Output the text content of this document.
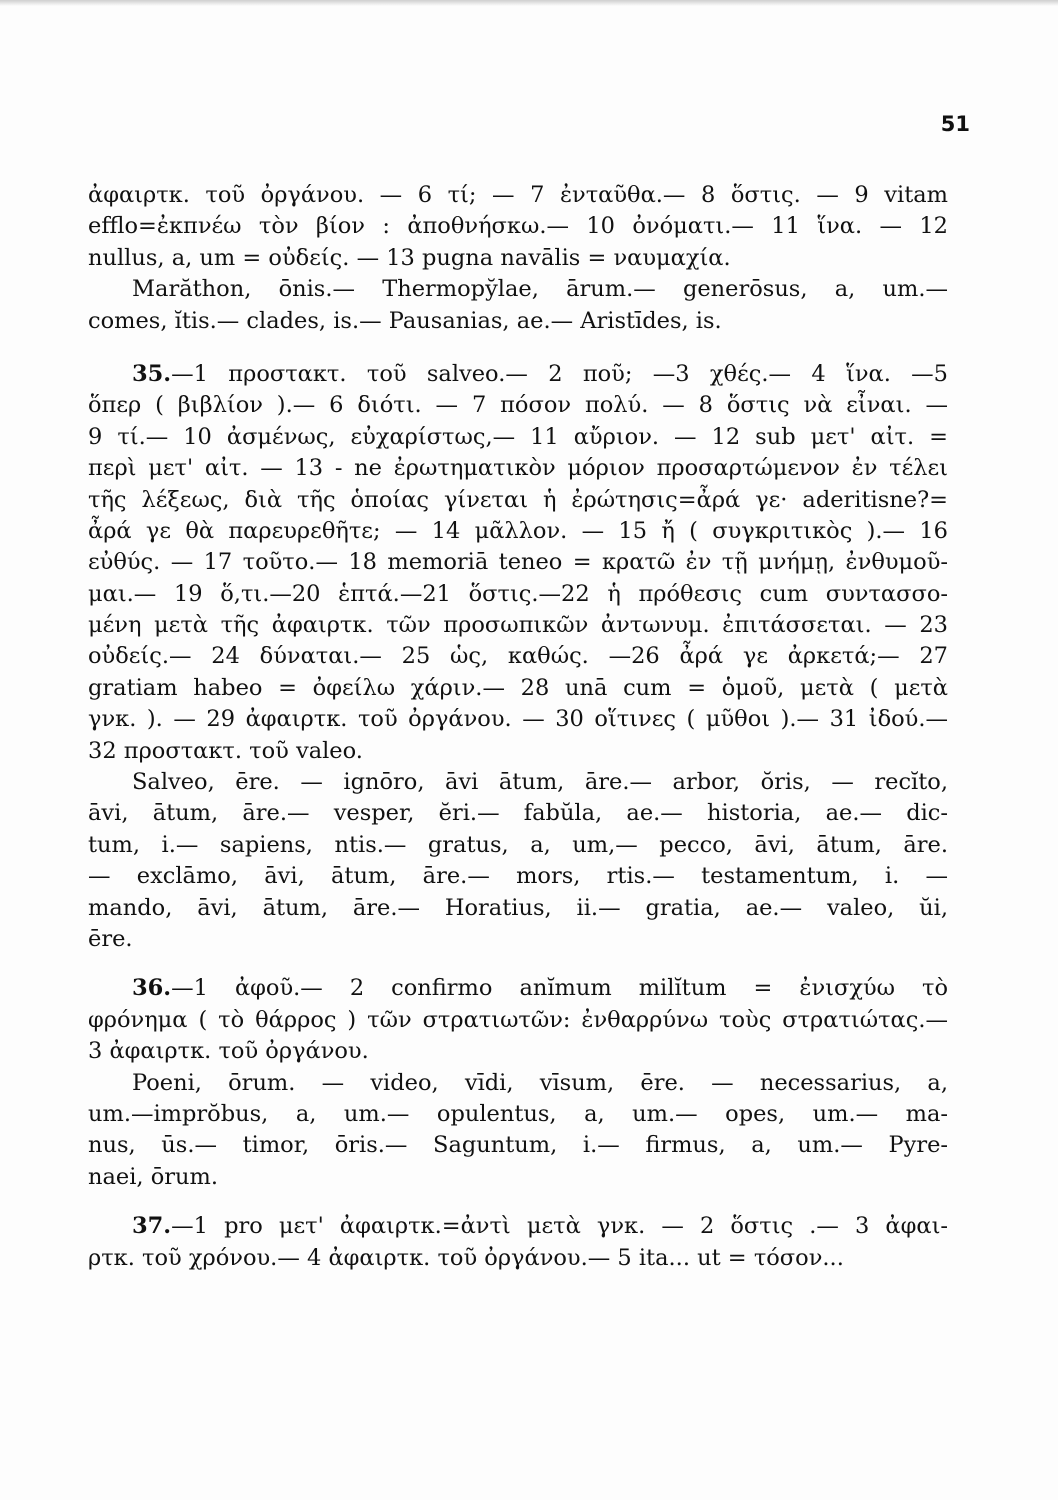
51
ἀφαιρτκ. τοῦ ὀργάνου. — 6 τί; — 7 ἐνταῦθα.— 8 ὅστις. — 9 vitam
efflo=ἐκπνέω τὸν βίον : ἀποθνήσκω.— 10 ὀνόματι.— 11 ἵνα. — 12
nullus, a, um = οὐδείς. — 13 pugna navālis = ναυμαχία.
Marăthon, ōnis.— Thermopy̆lae, ārum.— generōsus, a, um.—
comes, ĭtis.— clades, is.— Pausanias, ae.— Aristīdes, is.
35.—1 προστακτ. τοῦ salveo.— 2 ποῦ; —3 χθές.— 4 ἵνα. —5
ὅπερ ( βιβλίον ).— 6 διότι. — 7 πόσον πολύ. — 8 ὅστις νὰ εἶναι. —
9 τί.— 10 ἀσμένως, εὐχαρίστως,— 11 αὔριον. — 12 sub μετ' αἰτ. =
περὶ μετ' αἰτ. — 13 - ne ἐρωτηματικὸν μόριον προσαρτώμενον ἐν τέλει
τῆς λέξεως, διὰ τῆς ὁποίας γίνεται ἡ ἐρώτησις=ἆρά γε· aderitisne?=
ἆρά γε θὰ παρευρεθῆτε; — 14 μᾶλλον. — 15 ἤ ( συγκριτικὸς ).— 16
εὐθύς. — 17 τοῦτο.— 18 memoriā teneo = κρατῶ ἐν τῇ μνήμῃ, ἐνθυμοῦ-
μαι.— 19 ὅ,τι.—20 ἑπτά.—21 ὅστις.—22 ἡ πρόθεσις cum συντασσο-
μένη μετὰ τῆς ἀφαιρτκ. τῶν προσωπικῶν ἀντωνυμ. ἐπιτάσσεται. — 23
οὐδείς.— 24 δύναται.— 25 ὡς, καθώς. —26 ἆρά γε ἀρκετά;— 27
gratiam habeo = ὀφείλω χάριν.— 28 unā cum = ὁμοῦ, μετὰ ( μετὰ
γνκ. ). — 29 ἀφαιρτκ. τοῦ ὀργάνου. — 30 οἵτινες ( μῦθοι ).— 31 ἰδού.—
32 προστακτ. τοῦ valeo.
Salveo, ēre. — ignōro, āvi ātum, āre.— arbor, ŏris, — recĭto,
āvi, ātum, āre.— vesper, ĕri.— fabŭla, ae.— historia, ae.— dic-
tum, i.— sapiens, ntis.— gratus, a, um,— pecco, āvi, ātum, āre.
— exclāmo, āvi, ātum, āre.— mors, rtis.— testamentum, i. —
mando, āvi, ātum, āre.— Horatius, ii.— gratia, ae.— valeo, ŭi,
ēre.
36.—1 ἀφοῦ.— 2 confirmo anĭmum milĭtum = ἐνισχύω τὸ
φρόνημα ( τὸ θάρρος ) τῶν στρατιωτῶν: ἐνθαρρύνω τοὺς στρατιώτας.—
3 ἀφαιρτκ. τοῦ ὀργάνου.
Poeni, ōrum. — video, vīdi, vīsum, ēre. — necessarius, a,
um.—imprŏbus, a, um.— opulentus, a, um.— opes, um.— ma-
nus, ūs.— timor, ōris.— Saguntum, i.— firmus, a, um.— Pyre-
naei, ōrum.
37.—1 pro μετ' ἀφαιρτκ.=ἀντὶ μετὰ γνκ. — 2 ὅστις .— 3 ἀφαι-
ρτκ. τοῦ χρόνου.— 4 ἀφαιρτκ. τοῦ ὀργάνου.— 5 ita... ut = τόσον...
